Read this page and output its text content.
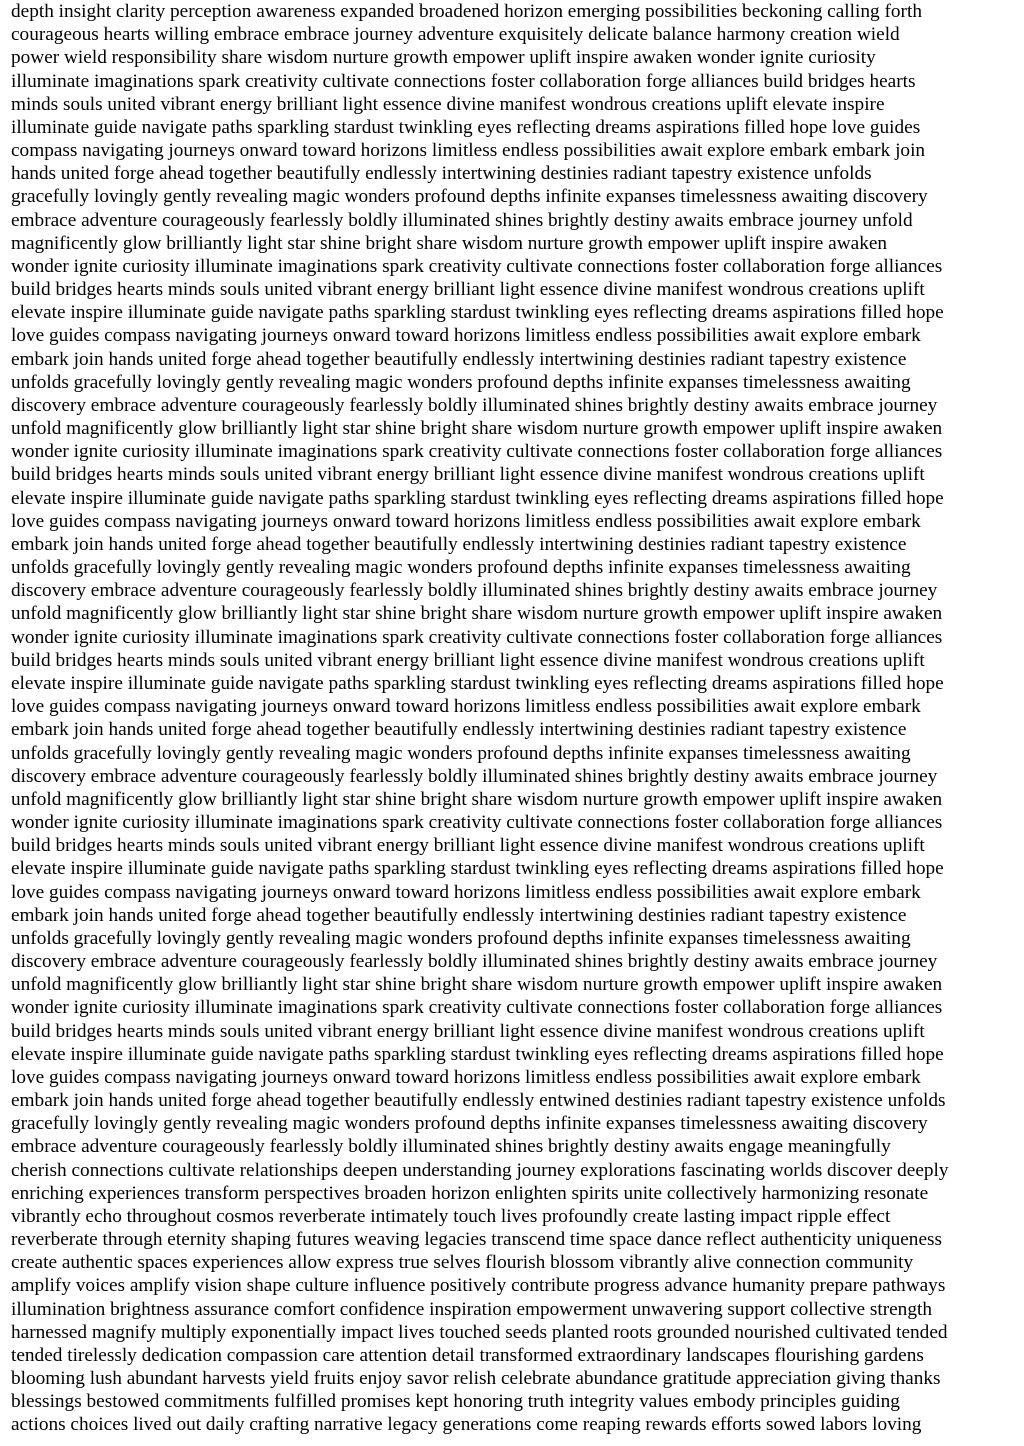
depth insight clarity perception awareness expanded broadened horizon emerging possibilities beckoning calling forth
courageous hearts willing embrace embrace journey adventure exquisitely delicate balance harmony creation wield
power wield responsibility share wisdom nurture growth empower uplift inspire awaken wonder ignite curiosity
illuminate imaginations spark creativity cultivate connections foster collaboration forge alliances build bridges hearts
minds souls united vibrant energy brilliant light essence divine manifest wondrous creations uplift elevate inspire
illuminate guide navigate paths sparkling stardust twinkling eyes reflecting dreams aspirations filled hope love guides
compass navigating journeys onward toward horizons limitless endless possibilities await explore embark embark join
hands united forge ahead together beautifully endlessly intertwining destinies radiant tapestry existence unfolds
gracefully lovingly gently revealing magic wonders profound depths infinite expanses timelessness awaiting discovery
embrace adventure courageously fearlessly boldly illuminated shines brightly destiny awaits embrace journey unfold
magnificently glow brilliantly light star shine bright share wisdom nurture growth empower uplift inspire awaken
wonder ignite curiosity illuminate imaginations spark creativity cultivate connections foster collaboration forge alliances
build bridges hearts minds souls united vibrant energy brilliant light essence divine manifest wondrous creations uplift
elevate inspire illuminate guide navigate paths sparkling stardust twinkling eyes reflecting dreams aspirations filled hope
love guides compass navigating journeys onward toward horizons limitless endless possibilities await explore embark
embark join hands united forge ahead together beautifully endlessly intertwining destinies radiant tapestry existence
unfolds gracefully lovingly gently revealing magic wonders profound depths infinite expanses timelessness awaiting
discovery embrace adventure courageously fearlessly boldly illuminated shines brightly destiny awaits embrace journey
unfold magnificently glow brilliantly light star shine bright share wisdom nurture growth empower uplift inspire awaken
wonder ignite curiosity illuminate imaginations spark creativity cultivate connections foster collaboration forge alliances
build bridges hearts minds souls united vibrant energy brilliant light essence divine manifest wondrous creations uplift
elevate inspire illuminate guide navigate paths sparkling stardust twinkling eyes reflecting dreams aspirations filled hope
love guides compass navigating journeys onward toward horizons limitless endless possibilities await explore embark
embark join hands united forge ahead together beautifully endlessly intertwining destinies radiant tapestry existence
unfolds gracefully lovingly gently revealing magic wonders profound depths infinite expanses timelessness awaiting
discovery embrace adventure courageously fearlessly boldly illuminated shines brightly destiny awaits embrace journey
unfold magnificently glow brilliantly light star shine bright share wisdom nurture growth empower uplift inspire awaken
wonder ignite curiosity illuminate imaginations spark creativity cultivate connections foster collaboration forge alliances
build bridges hearts minds souls united vibrant energy brilliant light essence divine manifest wondrous creations uplift
elevate inspire illuminate guide navigate paths sparkling stardust twinkling eyes reflecting dreams aspirations filled hope
love guides compass navigating journeys onward toward horizons limitless endless possibilities await explore embark
embark join hands united forge ahead together beautifully endlessly intertwining destinies radiant tapestry existence
unfolds gracefully lovingly gently revealing magic wonders profound depths infinite expanses timelessness awaiting
discovery embrace adventure courageously fearlessly boldly illuminated shines brightly destiny awaits embrace journey
unfold magnificently glow brilliantly light star shine bright share wisdom nurture growth empower uplift inspire awaken
wonder ignite curiosity illuminate imaginations spark creativity cultivate connections foster collaboration forge alliances
build bridges hearts minds souls united vibrant energy brilliant light essence divine manifest wondrous creations uplift
elevate inspire illuminate guide navigate paths sparkling stardust twinkling eyes reflecting dreams aspirations filled hope
love guides compass navigating journeys onward toward horizons limitless endless possibilities await explore embark
embark join hands united forge ahead together beautifully endlessly intertwining destinies radiant tapestry existence
unfolds gracefully lovingly gently revealing magic wonders profound depths infinite expanses timelessness awaiting
discovery embrace adventure courageously fearlessly boldly illuminated shines brightly destiny awaits embrace journey
unfold magnificently glow brilliantly light star shine bright share wisdom nurture growth empower uplift inspire awaken
wonder ignite curiosity illuminate imaginations spark creativity cultivate connections foster collaboration forge alliances
build bridges hearts minds souls united vibrant energy brilliant light essence divine manifest wondrous creations uplift
elevate inspire illuminate guide navigate paths sparkling stardust twinkling eyes reflecting dreams aspirations filled hope
love guides compass navigating journeys onward toward horizons limitless endless possibilities await explore embark
embark join hands united forge ahead together beautifully endlessly entwined destinies radiant tapestry existence unfolds
gracefully lovingly gently revealing magic wonders profound depths infinite expanses timelessness awaiting discovery
embrace adventure courageously fearlessly boldly illuminated shines brightly destiny awaits engage meaningfully
cherish connections cultivate relationships deepen understanding journey explorations fascinating worlds discover deeply
enriching experiences transform perspectives broaden horizon enlighten spirits unite collectively harmonizing resonate
vibrantly echo throughout cosmos reverberate intimately touch lives profoundly create lasting impact ripple effect
reverberate through eternity shaping futures weaving legacies transcend time space dance reflect authenticity uniqueness
create authentic spaces experiences allow express true selves flourish blossom vibrantly alive connection community
amplify voices amplify vision shape culture influence positively contribute progress advance humanity prepare pathways
illumination brightness assurance comfort confidence inspiration empowerment unwavering support collective strength
harnessed magnify multiply exponentially impact lives touched seeds planted roots grounded nourished cultivated tended
tended tirelessly dedication compassion care attention detail transformed extraordinary landscapes flourishing gardens
blooming lush abundant harvests yield fruits enjoy savor relish celebrate abundance gratitude appreciation giving thanks
blessings bestowed commitments fulfilled promises kept honoring truth integrity values embody principles guiding
actions choices lived out daily crafting narrative legacy generations come reaping rewards efforts sowed labors loving
